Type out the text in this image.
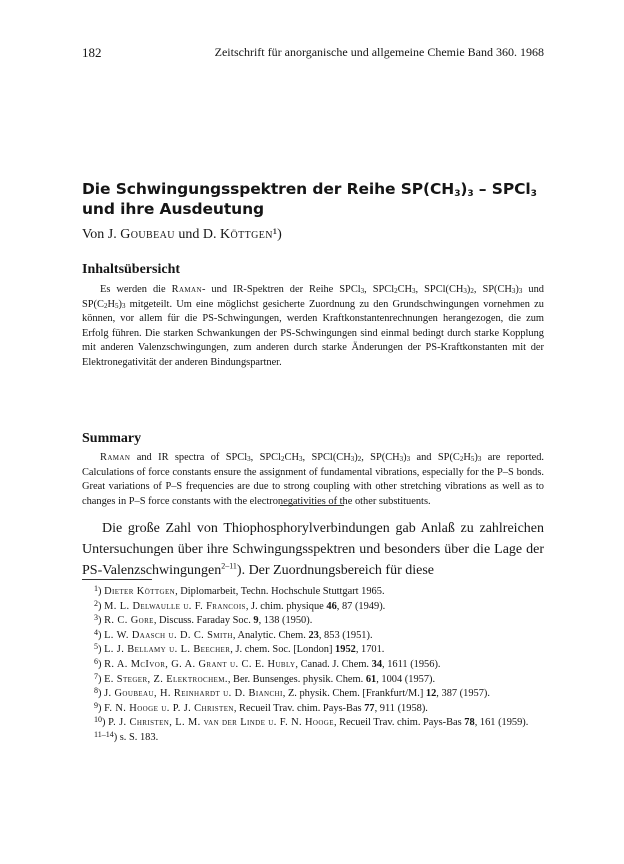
182	Zeitschrift für anorganische und allgemeine Chemie Band 360. 1968
Die Schwingungsspektren der Reihe $SP(CH_3)_3$ – SPCl$_3$
und ihre Ausdeutung
Von J. Goubeau und D. Köttgen¹)
Inhaltsübersicht

Es werden die Raman- und IR-Spektren der Reihe SPCl$_3$, $SPCl_2CH_3$, $SPCl(CH_3)_2$, $SP(CH_3)_3$ und $SP(C_2H_5)_3$ mitgeteilt. Um eine möglichst gesicherte Zuordnung zu den Grundschwingungen vornehmen zu können, vor allem für die PS-Schwingungen, werden Kraftkonstantenrechnungen herangezogen, die zum Erfolg führen. Die starken Schwankungen der PS-Schwingungen sind einmal bedingt durch starke Kopplung mit anderen Valenzschwingungen, zum anderen durch starke Änderungen der PS-Kraftkonstanten mit der Elektronegativität der anderen Bindungspartner.

Summary

Raman and IR spectra of SPCl$_3$, $SPCl_2CH_3$, $SPCl(CH_3)_2$, $SP(CH_3)_3$ and $SP(C_2H_5)_3$ are reported. Calculations of force constants ensure the assignment of fundamental vibrations, especially for the P–S bonds. Great variations of P–S frequencies are due to strong coupling with other stretching vibrations as well as to changes in P–S force constants with the electronegativities of the other substituents.

Die große Zahl von Thiophosphorylverbindungen gab Anlaß zu zahlreichen Untersuchungen über ihre Schwingungsspektren und besonders über die Lage der PS-Valenzschwingungen$^{2-11}$). Der Zuordnungsbereich für diese

$^1$) Dieter Köttgen, Diplomarbeit, Techn. Hochschule Stuttgart 1965.

$^2$) M. L. Delwaulle u. F. Francois, J. chim. physique 46, 87 (1949).

$^3$) R. C. Gore, Discuss. Faraday Soc. 9, 138 (1950).

$^4$) L. W. Daasch u. D. C. Smith, Analytic. Chem. 23, 853 (1951).

$^5$) L. J. Bellamy u. L. Beecher, J. chem. Soc. [London] 1952, 1701.

$^6$) R. A. McIvor, G. A. Grant u. C. E. Hubly, Canad. J. Chem. 34, 1611 (1956).

$^7$) E. Steger, Z. Elektrochem., Ber. Bunsenges. physik. Chem. 61, 1004 (1957).

$^8$) J. Goubeau, H. Reinhardt u. D. Bianchi, Z. physik. Chem. [Frankfurt/M.] 12, 387 (1957).

$^9$) F. N. Hooge u. P. J. Christen, Recueil Trav. chim. Pays-Bas 77, 911 (1958).

$^{10}$) P. J. Christen, L. M. van der Linde u. F. N. Hooge, Recueil Trav. chim. Pays-Bas 78, 161 (1959).

$^{11-14}$) s. S. 183.
